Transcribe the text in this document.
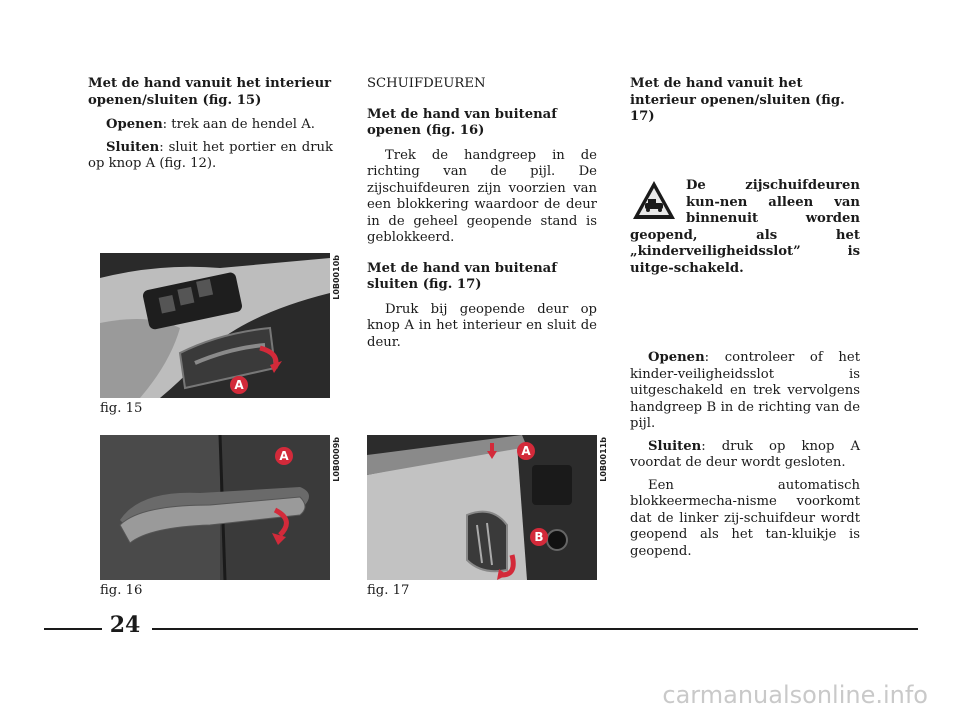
Met de hand vanuit het interieur openen/sluiten (fig. 15)
Openen: trek aan de hendel A.
Sluiten: sluit het portier en druk op knop A (fig. 12).
SCHUIFDEUREN
Met de hand van buitenaf openen (fig. 16)
Trek de handgreep in de richting van de pijl. De zijschuifdeuren zijn voorzien van een blokkering waardoor de deur in de geheel geopende stand is geblokkeerd.
Met de hand van buitenaf sluiten (fig. 17)
Druk bij geopende deur op knop A in het interieur en sluit de deur.
Met de hand vanuit het interieur openen/sluiten (fig. 17)
De zijschuifdeuren kun-nen alleen van binnenuit worden geopend, als het „kinderveiligheidsslot” is uitge-schakeld.
Openen: controleer of het kinder-veiligheidsslot is uitgeschakeld en trek vervolgens handgreep B in de richting van de pijl.
Sluiten: druk op knop A voordat de deur wordt gesloten.
Een automatisch blokkeermecha-nisme voorkomt dat de linker zij-schuifdeur wordt geopend als het tan-kluikje is geopend.
A
L0B0010b
fig. 15
A	L0B0009b
fig. 16
A
B
L0B0011b
fig. 17
24
carmanualsonline.info
